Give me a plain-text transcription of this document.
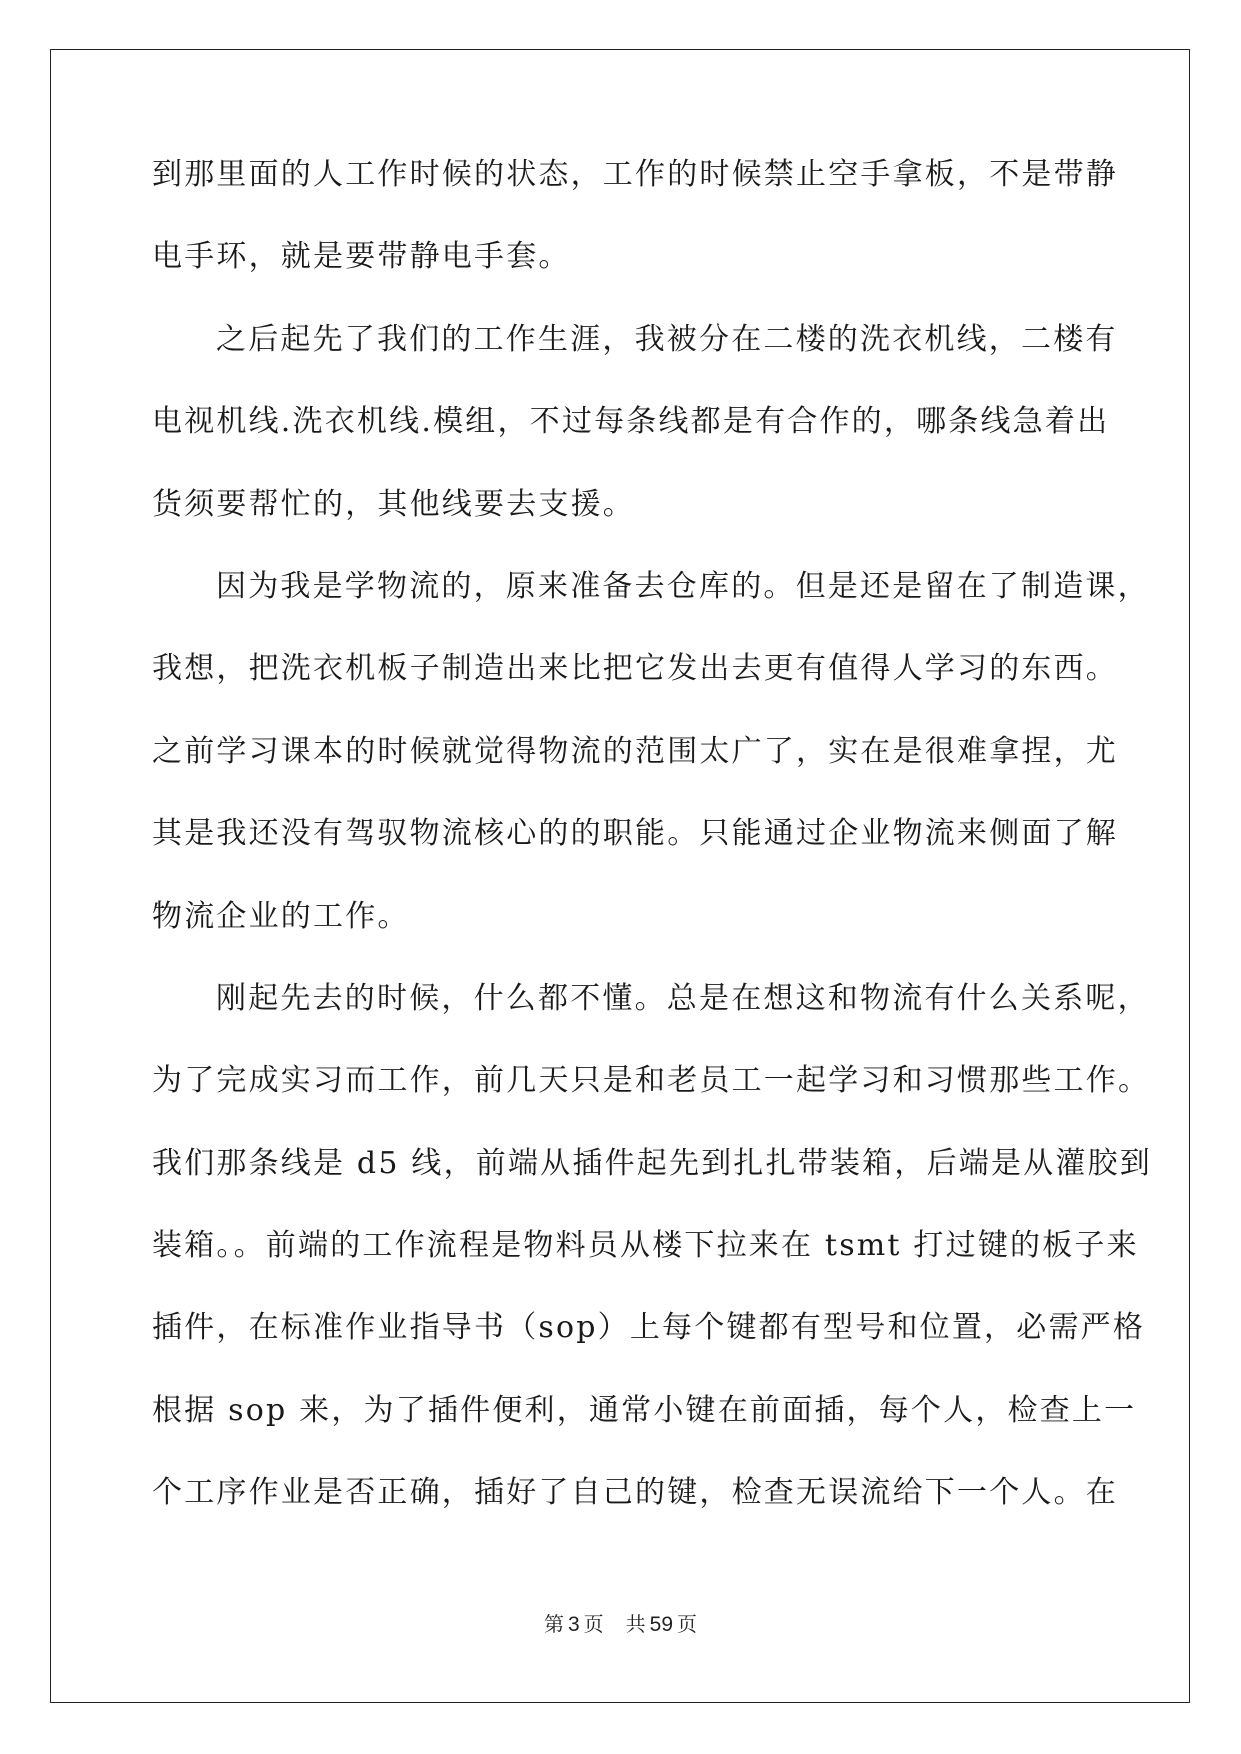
到那里面的人工作时候的状态，工作的时候禁止空手拿板，不是带静
电手环，就是要带静电手套。
之后起先了我们的工作生涯，我被分在二楼的洗衣机线，二楼有
电视机线.洗衣机线.模组，不过每条线都是有合作的，哪条线急着出
货须要帮忙的，其他线要去支援。
因为我是学物流的，原来准备去仓库的。但是还是留在了制造课，
我想，把洗衣机板子制造出来比把它发出去更有值得人学习的东西。
之前学习课本的时候就觉得物流的范围太广了，实在是很难拿捏，尤
其是我还没有驾驭物流核心的的职能。只能通过企业物流来侧面了解
物流企业的工作。
刚起先去的时候，什么都不懂。总是在想这和物流有什么关系呢，
为了完成实习而工作，前几天只是和老员工一起学习和习惯那些工作。
我们那条线是 d5 线，前端从插件起先到扎扎带装箱，后端是从灌胶到
装箱。。前端的工作流程是物料员从楼下拉来在 tsmt 打过键的板子来
插件，在标准作业指导书（sop）上每个键都有型号和位置，必需严格
根据 sop 来，为了插件便利，通常小键在前面插，每个人，检查上一
个工序作业是否正确，插好了自己的键，检查无误流给下一个人。在
第 3 页 共 59 页
